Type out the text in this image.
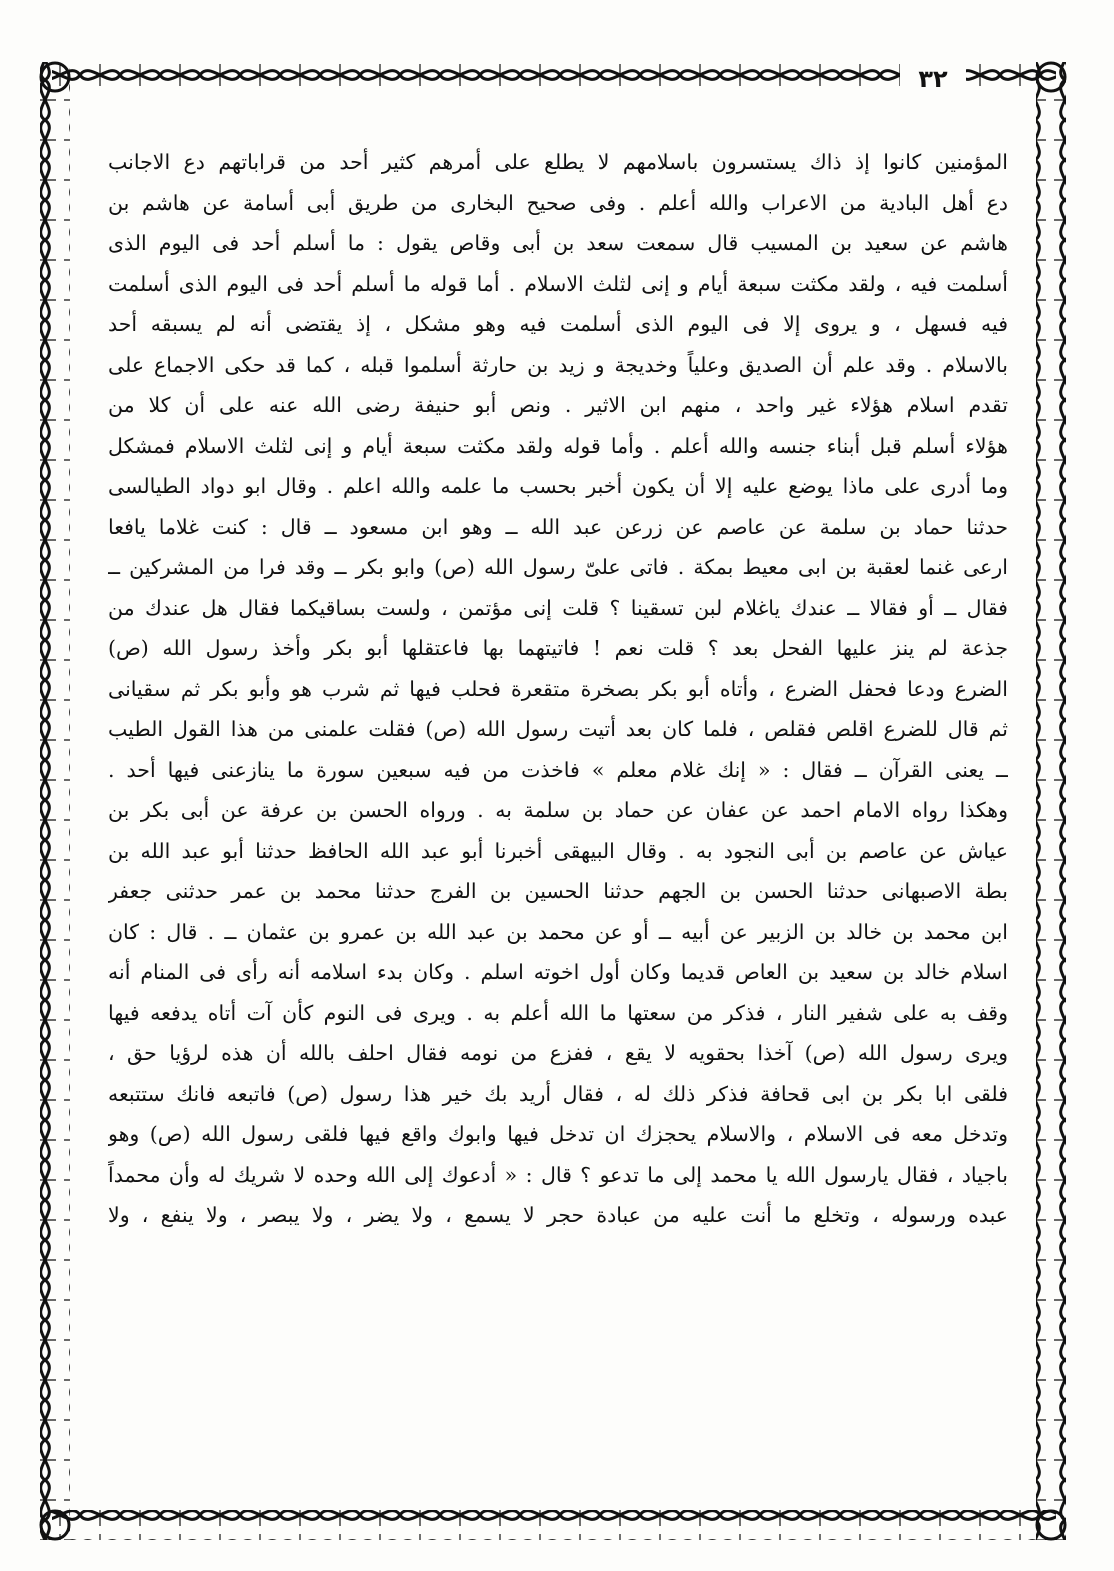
٣٢
المؤمنين كانوا إذ ذاك يستسرون باسلامهم لا يطلع على أمرهم كثير أحد من قراباتهم دع الاجانب
دع أهل البادية من الاعراب والله أعلم . وفى صحيح البخارى من طريق أبى أسامة عن هاشم بن
هاشم عن سعيد بن المسيب قال سمعت سعد بن أبى وقاص يقول : ما أسلم أحد فى اليوم الذى
أسلمت فيه ، ولقد مكثت سبعة أيام و إنى لثلث الاسلام . أما قوله ما أسلم أحد فى اليوم الذى أسلمت
فيه فسهل ، و يروى إلا فى اليوم الذى أسلمت فيه وهو مشكل ، إذ يقتضى أنه لم يسبقه أحد
بالاسلام . وقد علم أن الصديق وعلياً وخديجة و زيد بن حارثة أسلموا قبله ، كما قد حكى الاجماع على
تقدم اسلام هؤلاء غير واحد ، منهم ابن الاثير . ونص أبو حنيفة رضى الله عنه على أن كلا من
هؤلاء أسلم قبل أبناء جنسه والله أعلم . وأما قوله ولقد مكثت سبعة أيام و إنى لثلث الاسلام فمشكل
وما أدرى على ماذا يوضع عليه إلا أن يكون أخبر بحسب ما علمه والله اعلم . وقال ابو دواد الطيالسى
حدثنا حماد بن سلمة عن عاصم عن زرعن عبد الله ــ وهو ابن مسعود ــ قال : كنت غلاما يافعا
ارعى غنما لعقبة بن ابى معيط بمكة . فاتى علىّ رسول الله (ص) وابو بكر ــ وقد فرا من المشركين ــ
فقال ــ أو فقالا ــ عندك ياغلام لبن تسقينا ؟ قلت إنى مؤتمن ، ولست بساقيكما فقال هل عندك من
جذعة لم ينز عليها الفحل بعد ؟ قلت نعم ! فاتيتهما بها فاعتقلها أبو بكر وأخذ رسول الله (ص)
الضرع ودعا فحفل الضرع ، وأتاه أبو بكر بصخرة متقعرة فحلب فيها ثم شرب هو وأبو بكر ثم سقيانى
ثم قال للضرع اقلص فقلص ، فلما كان بعد أتيت رسول الله (ص) فقلت علمنى من هذا القول الطيب
ــ يعنى القرآن ــ فقال : « إنك غلام معلم » فاخذت من فيه سبعين سورة ما ينازعنى فيها أحد .
وهكذا رواه الامام احمد عن عفان عن حماد بن سلمة به . ورواه الحسن بن عرفة عن أبى بكر بن
عياش عن عاصم بن أبى النجود به . وقال البيهقى أخبرنا أبو عبد الله الحافظ حدثنا أبو عبد الله بن
بطة الاصبهانى حدثنا الحسن بن الجهم حدثنا الحسين بن الفرج حدثنا محمد بن عمر حدثنى جعفر
ابن محمد بن خالد بن الزبير عن أبيه ــ أو عن محمد بن عبد الله بن عمرو بن عثمان ــ . قال : كان
اسلام خالد بن سعيد بن العاص قديما وكان أول اخوته اسلم . وكان بدء اسلامه أنه رأى فى المنام أنه
وقف به على شفير النار ، فذكر من سعتها ما الله أعلم به . ويرى فى النوم كأن آت أتاه يدفعه فيها
ويرى رسول الله (ص) آخذا بحقويه لا يقع ، ففزع من نومه فقال احلف بالله أن هذه لرؤيا حق ،
فلقى ابا بكر بن ابى قحافة فذكر ذلك له ، فقال أريد بك خير هذا رسول (ص) فاتبعه فانك ستتبعه
وتدخل معه فى الاسلام ، والاسلام يحجزك ان تدخل فيها وابوك واقع فيها فلقى رسول الله (ص) وهو
باجياد ، فقال يارسول الله يا محمد إلى ما تدعو ؟ قال : « أدعوك إلى الله وحده لا شريك له وأن محمداً
عبده ورسوله ، وتخلع ما أنت عليه من عبادة حجر لا يسمع ، ولا يضر ، ولا يبصر ، ولا ينفع ، ولا
